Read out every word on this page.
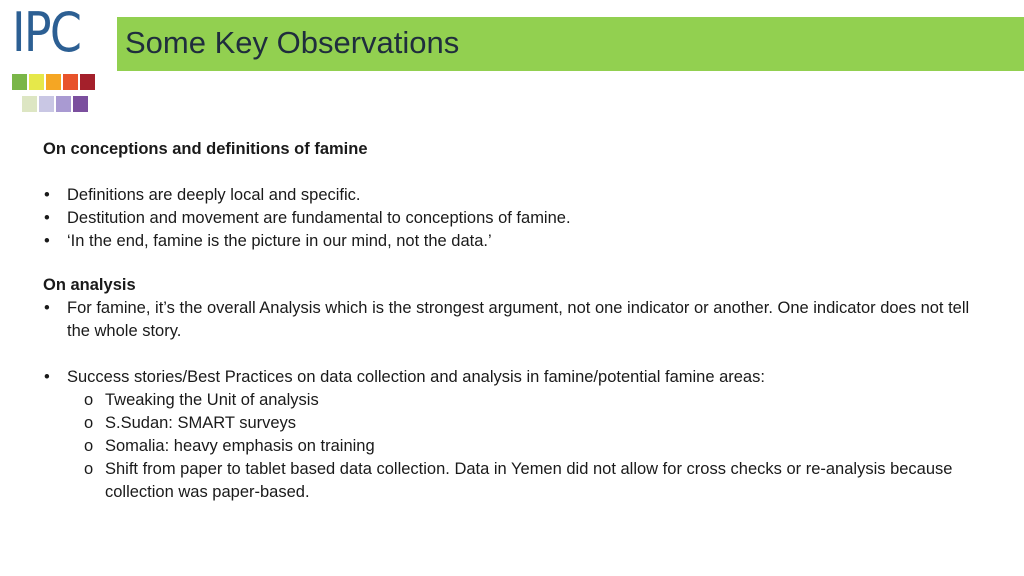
IPC Some Key Observations

On conceptions and definitions of famine

• Definitions are deeply local and specific.
• Destitution and movement are fundamental to conceptions of famine.
• ‘In the end, famine is the picture in our mind, not the data.’

On analysis

• For famine, it’s the overall Analysis which is the strongest argument, not one indicator or another. One indicator does not tell the whole story.
• Success stories/Best Practices on data collection and analysis in famine/potential famine areas:
o Tweaking the Unit of analysis
o S.Sudan: SMART surveys
o Somalia: heavy emphasis on training
o Shift from paper to tablet based data collection. Data in Yemen did not allow for cross checks or re-analysis because collection was paper-based.
